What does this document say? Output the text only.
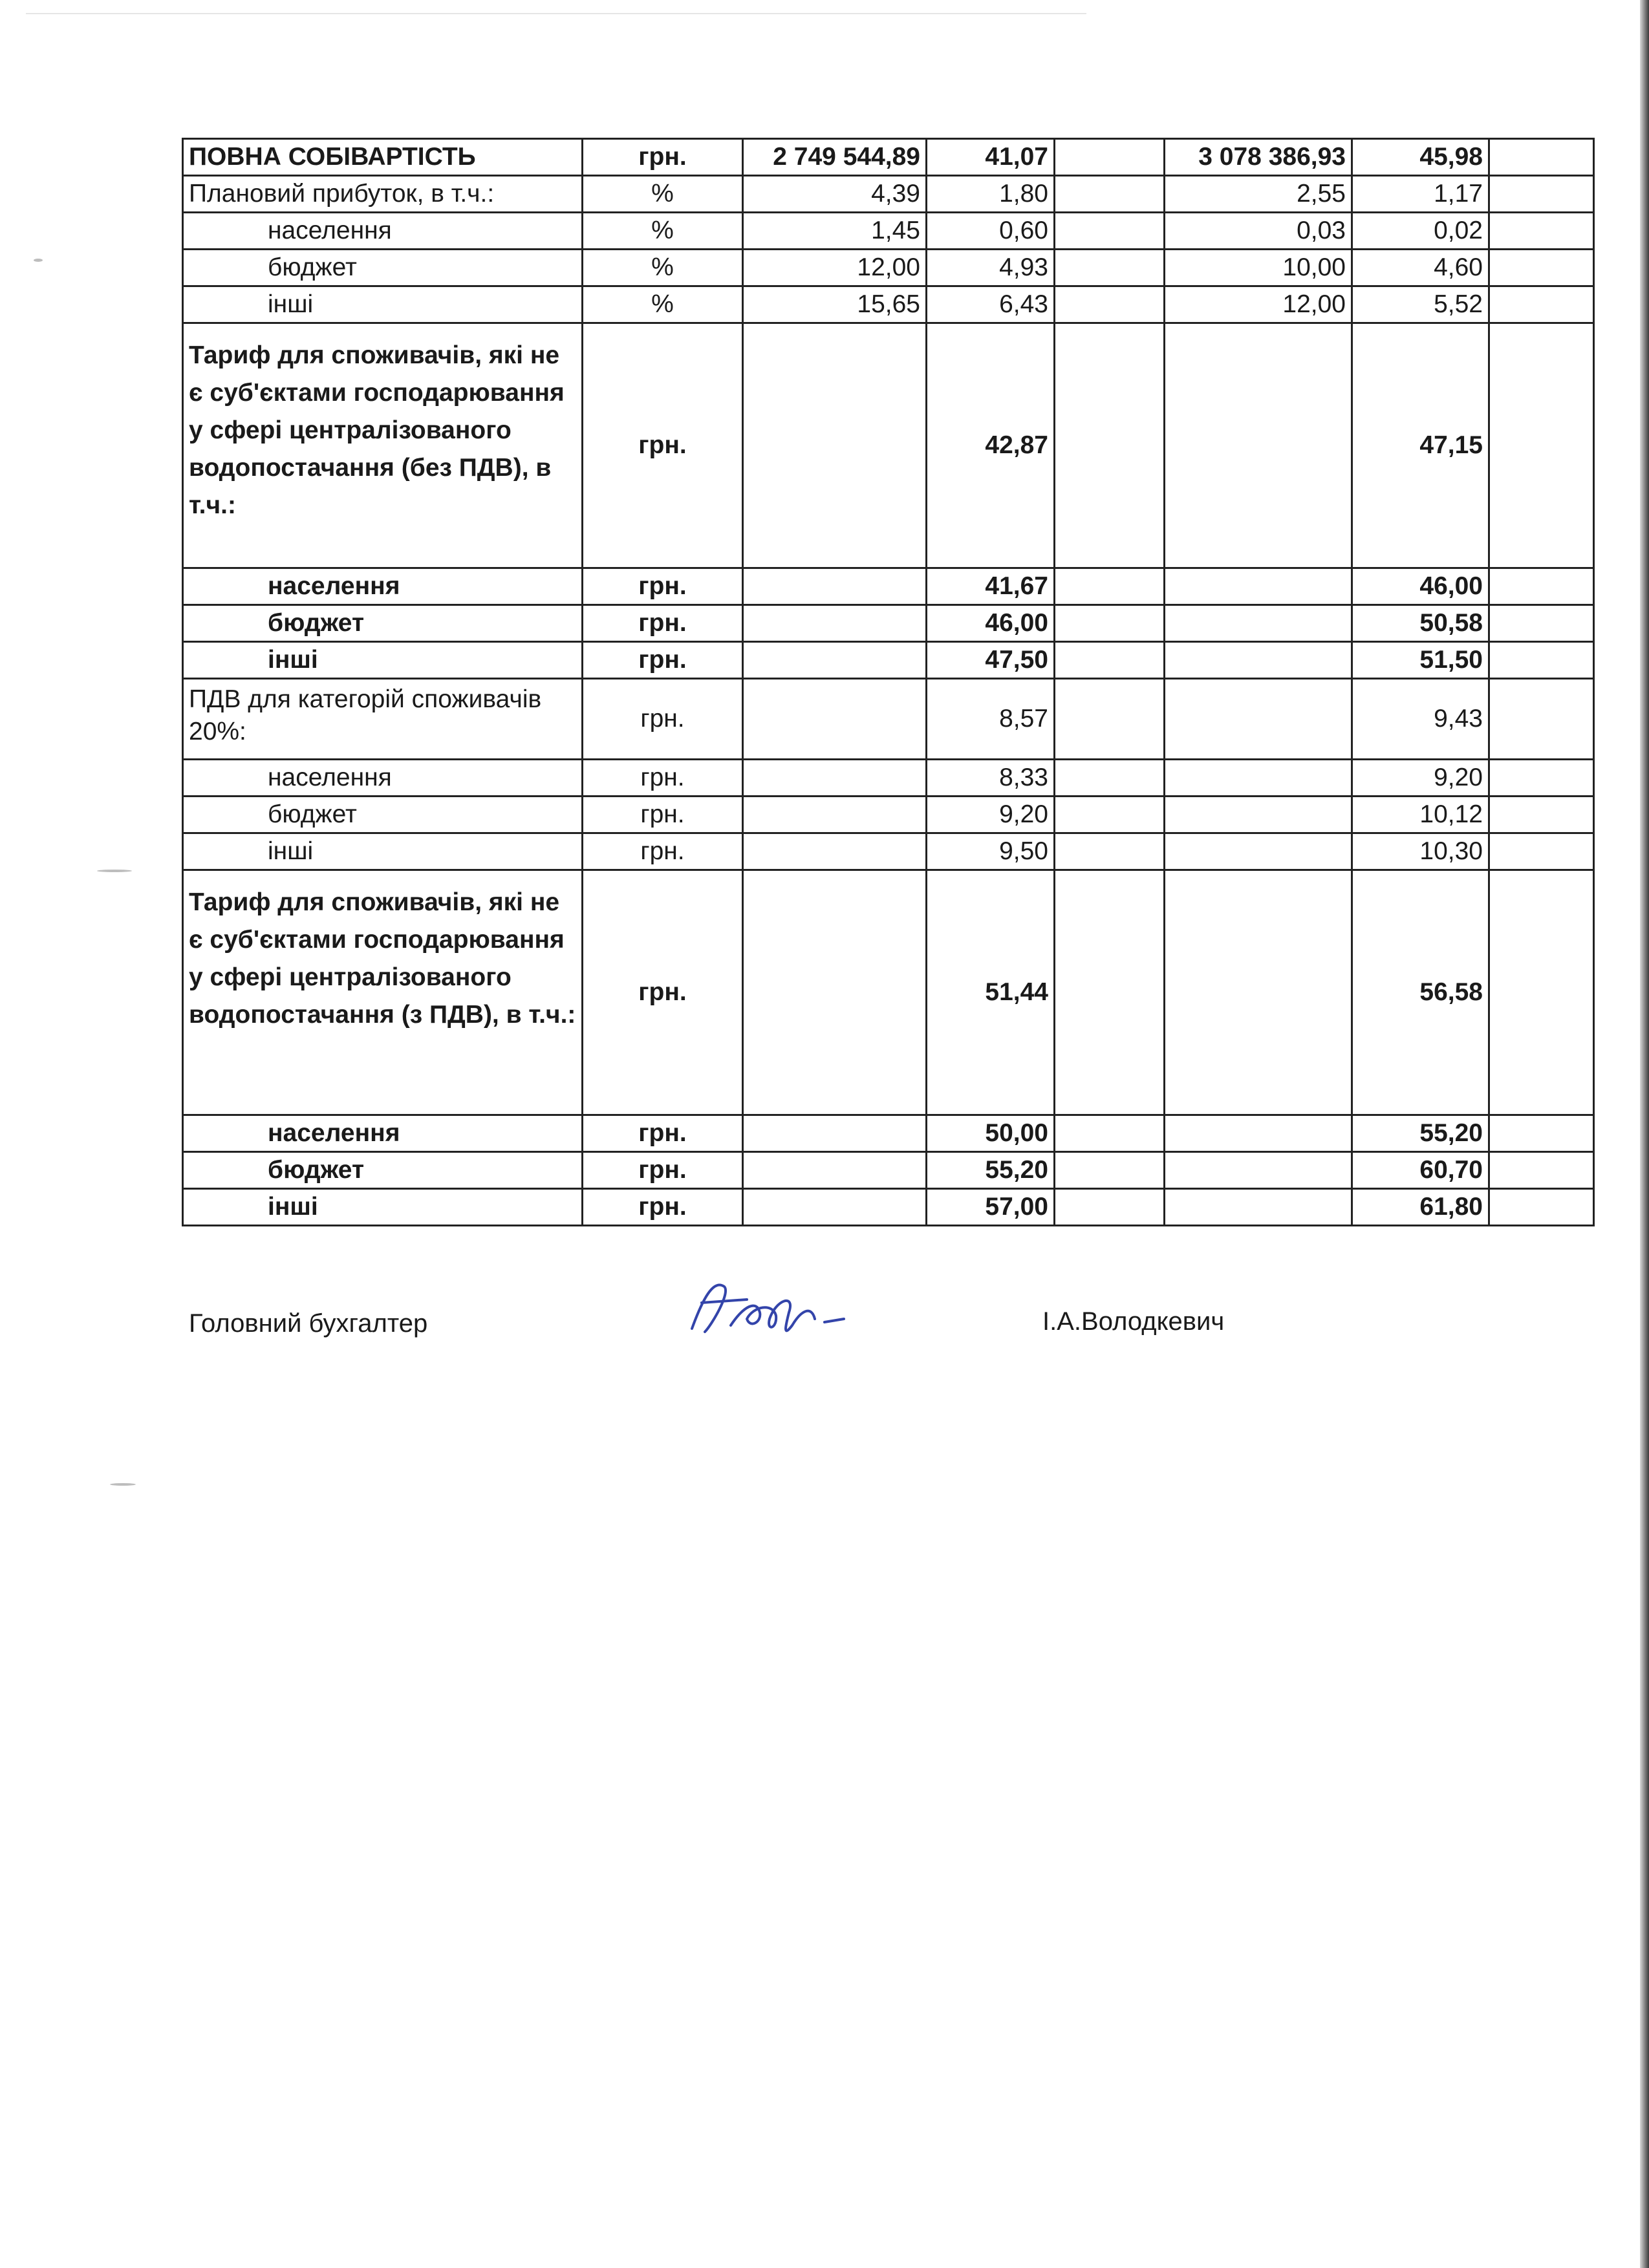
ПОВНА СОБІВАРТІСТЬ	грн.	2 749 544,89	41,07		3 078 386,93	45,98	
Плановий прибуток, в т.ч.:	%	4,39	1,80		2,55	1,17	
населення	%	1,45	0,60		0,03	0,02	
бюджет	%	12,00	4,93		10,00	4,60	
інші	%	15,65	6,43		12,00	5,52	
Тариф для споживачів, які не є суб'єктами господарювання у сфері централізованого водопостачання (без ПДВ), в т.ч.:	грн.		42,87			47,15	
населення	грн.		41,67			46,00	
бюджет	грн.		46,00			50,58	
інші	грн.		47,50			51,50	
ПДВ для категорій споживачів 20%:	грн.		8,57			9,43	
населення	грн.		8,33			9,20	
бюджет	грн.		9,20			10,12	
інші	грн.		9,50			10,30	
Тариф для споживачів, які не є суб'єктами господарювання у сфері централізованого водопостачання (з ПДВ), в т.ч.:	грн.		51,44			56,58	
населення	грн.		50,00			55,20	
бюджет	грн.		55,20			60,70	
інші	грн.		57,00			61,80	
Головний бухгалтер	І.А.Володкевич
